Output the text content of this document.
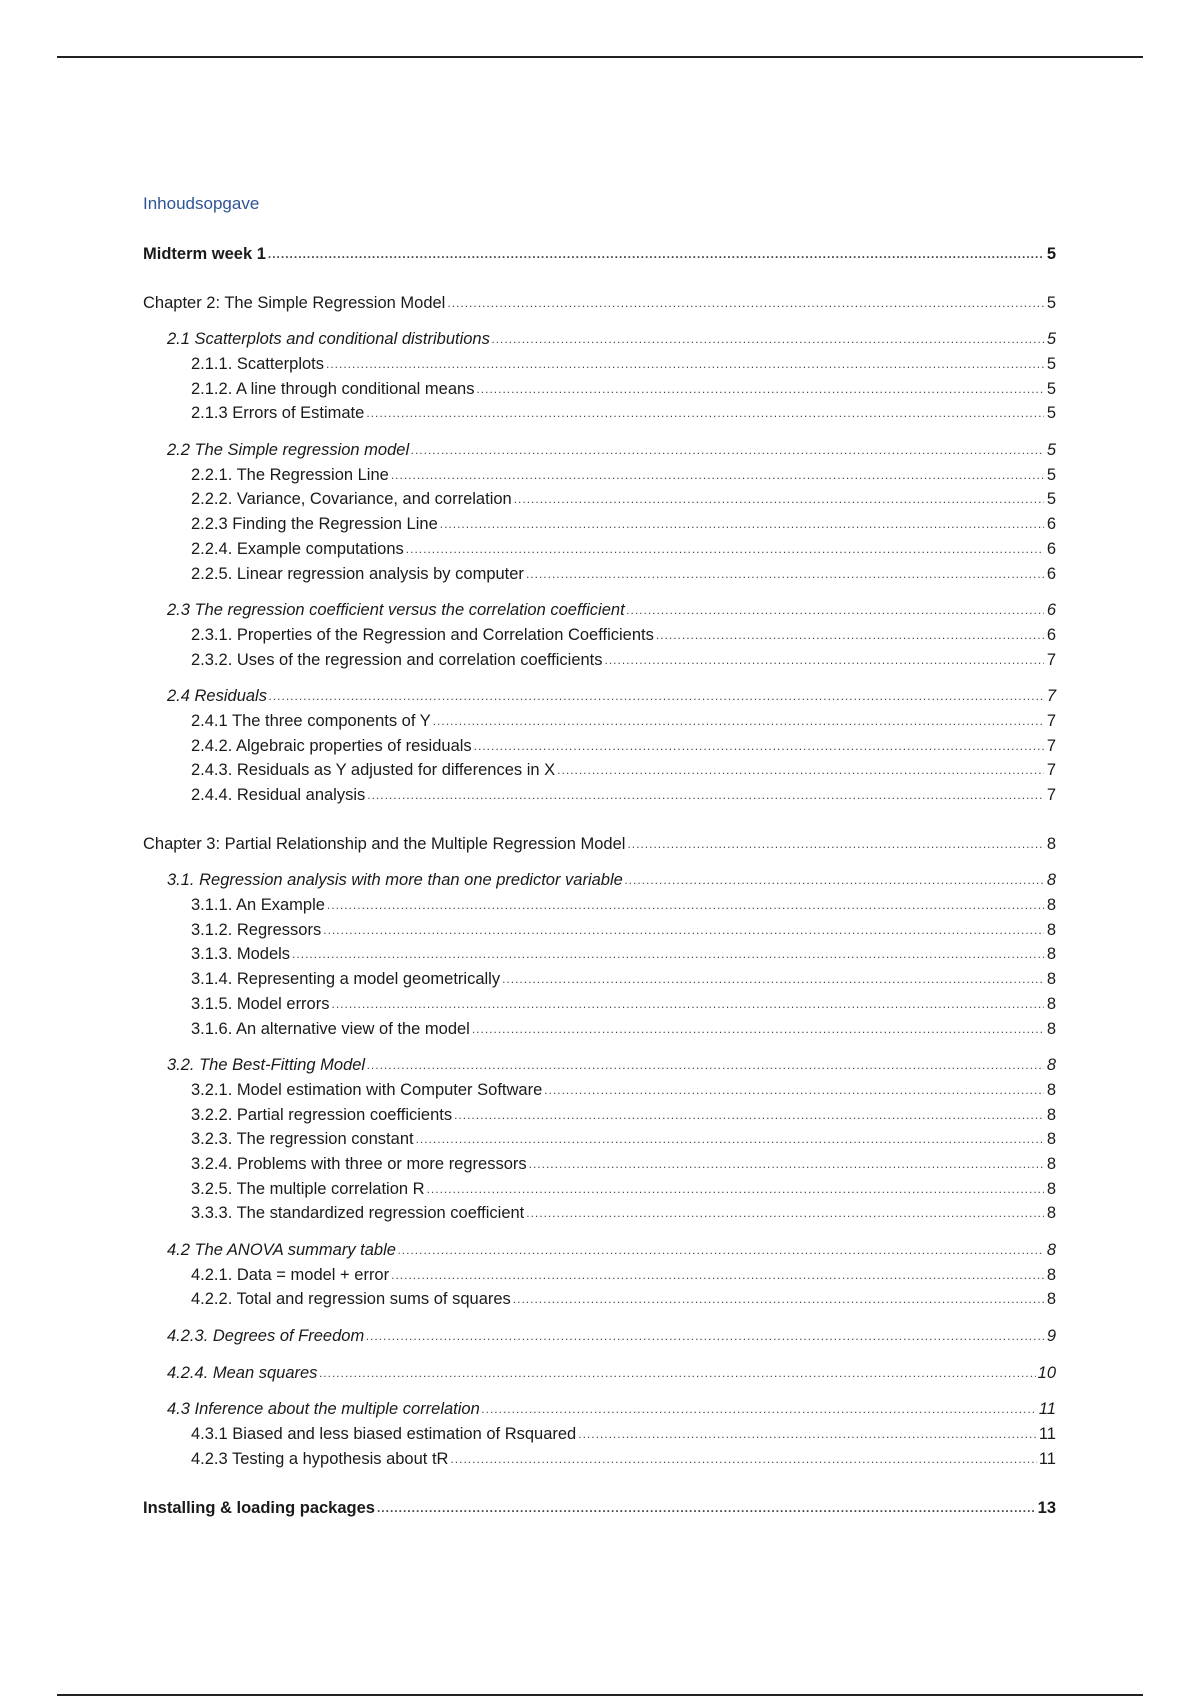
Inhoudsopgave
Midterm week 1 .....	5
Chapter 2: The Simple Regression Model .....	5
2.1 Scatterplots and conditional distributions .....	5
2.1.1. Scatterplots .....	5
2.1.2. A line through conditional means .....	5
2.1.3 Errors of Estimate .....	5
2.2 The Simple regression model .....	5
2.2.1. The Regression Line .....	5
2.2.2. Variance, Covariance, and correlation .....	5
2.2.3 Finding the Regression Line .....	6
2.2.4. Example computations .....	6
2.2.5. Linear regression analysis by computer .....	6
2.3 The regression coefficient versus the correlation coefficient .....	6
2.3.1. Properties of the Regression and Correlation Coefficients .....	6
2.3.2. Uses of the regression and correlation coefficients .....	7
2.4 Residuals .....	7
2.4.1 The three components of Y .....	7
2.4.2. Algebraic properties of residuals .....	7
2.4.3. Residuals as Y adjusted for differences in X .....	7
2.4.4. Residual analysis .....	7
Chapter 3: Partial Relationship and the Multiple Regression Model .....	8
3.1. Regression analysis with more than one predictor variable .....	8
3.1.1. An Example .....	8
3.1.2. Regressors .....	8
3.1.3. Models .....	8
3.1.4. Representing a model geometrically .....	8
3.1.5. Model errors .....	8
3.1.6. An alternative view of the model .....	8
3.2. The Best-Fitting Model .....	8
3.2.1. Model estimation with Computer Software .....	8
3.2.2. Partial regression coefficients .....	8
3.2.3. The regression constant .....	8
3.2.4. Problems with three or more regressors .....	8
3.2.5. The multiple correlation R .....	8
3.3.3. The standardized regression coefficient .....	8
4.2 The ANOVA summary table .....	8
4.2.1. Data = model + error .....	8
4.2.2. Total and regression sums of squares .....	8
4.2.3. Degrees of Freedom .....	9
4.2.4. Mean squares .....	10
4.3 Inference about the multiple correlation .....	11
4.3.1 Biased and less biased estimation of Rsquared .....	11
4.2.3 Testing a hypothesis about tR .....	11
Installing & loading packages .....	13
